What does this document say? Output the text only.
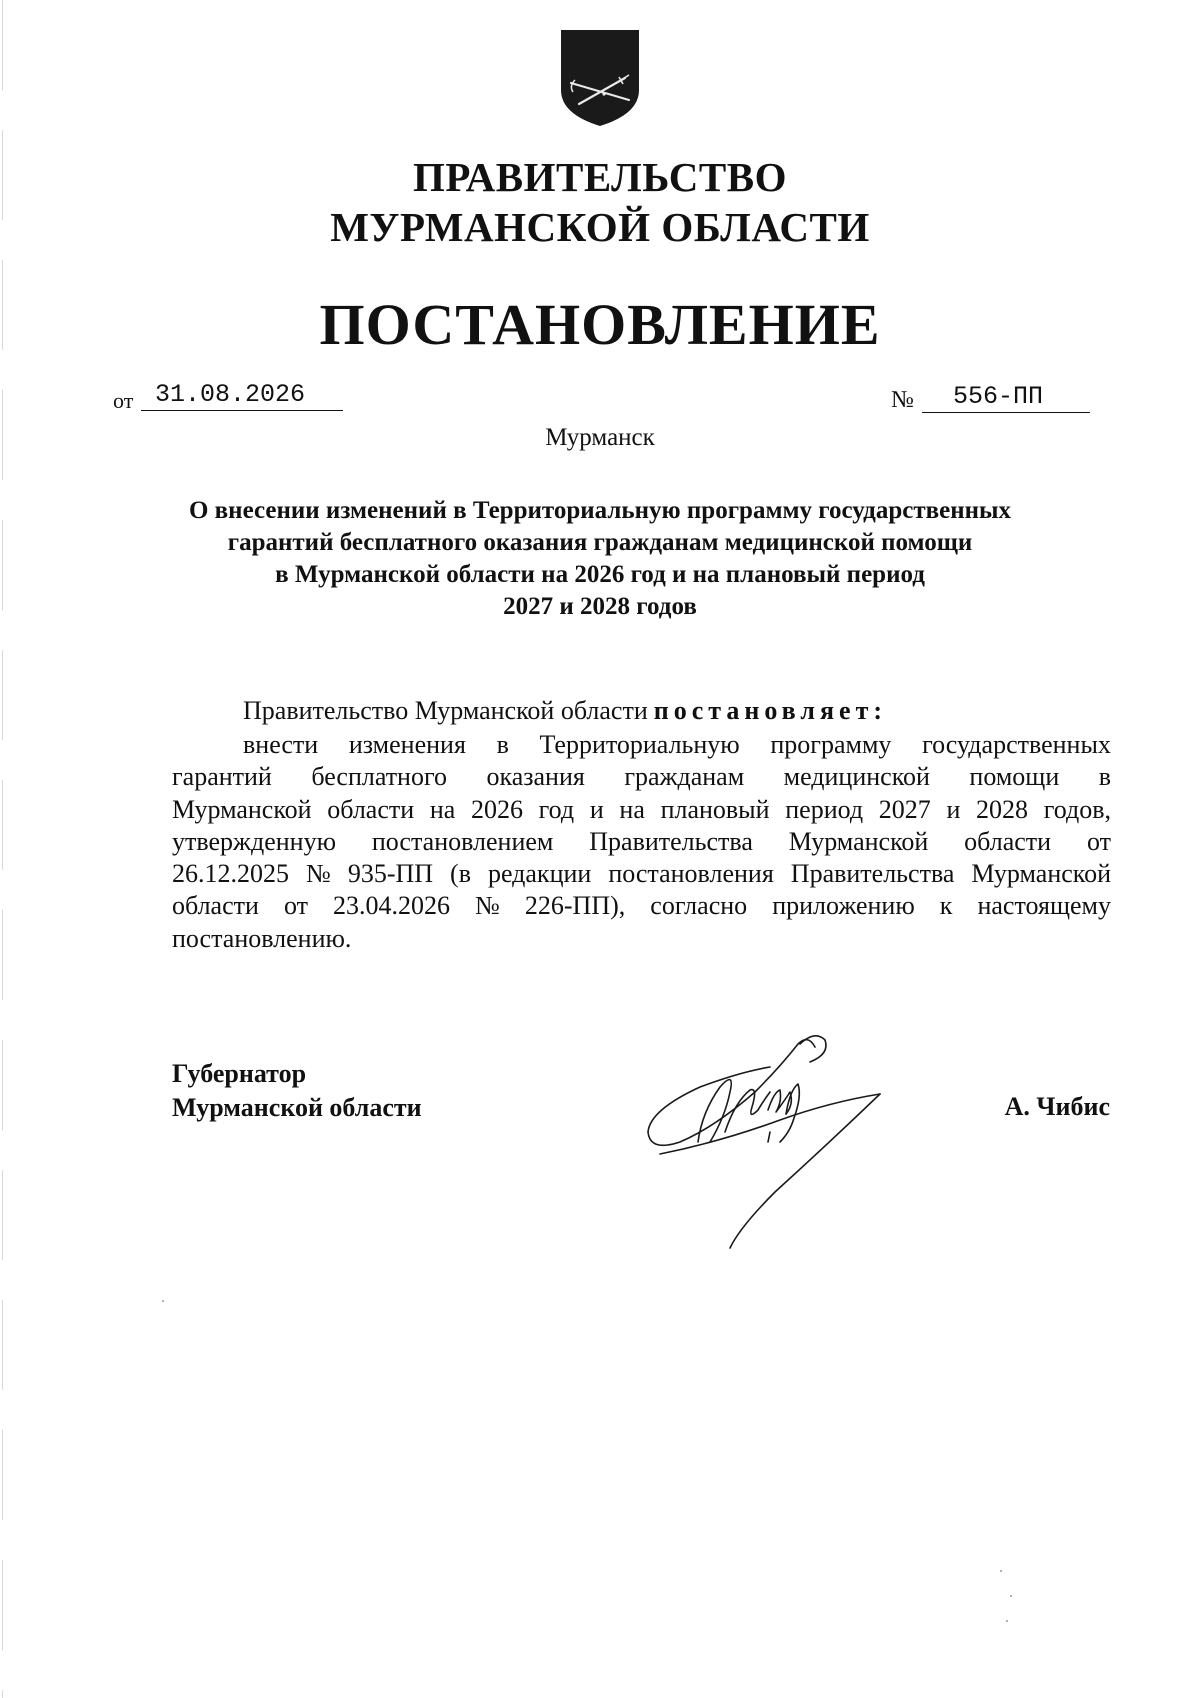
ПРАВИТЕЛЬСТВО
МУРМАНСКОЙ ОБЛАСТИ
ПОСТАНОВЛЕНИЕ
от 31.08.2026	№ 556-ПП
Мурманск
О внесении изменений в Территориальную программу государственных
гарантий бесплатного оказания гражданам медицинской помощи
в Мурманской области на 2026 год и на плановый период
2027 и 2028 годов
Правительство Мурманской области постановляет:
внести изменения в Территориальную программу государственных
гарантий бесплатного оказания гражданам медицинской помощи в
Мурманской области на 2026 год и на плановый период 2027 и 2028 годов,
утвержденную постановлением Правительства Мурманской области от
26.12.2025 № 935-ПП (в редакции постановления Правительства Мурманской
области от 23.04.2026 № 226-ПП), согласно приложению к настоящему
постановлению.
Губернатор
Мурманской области	А. Чибис
